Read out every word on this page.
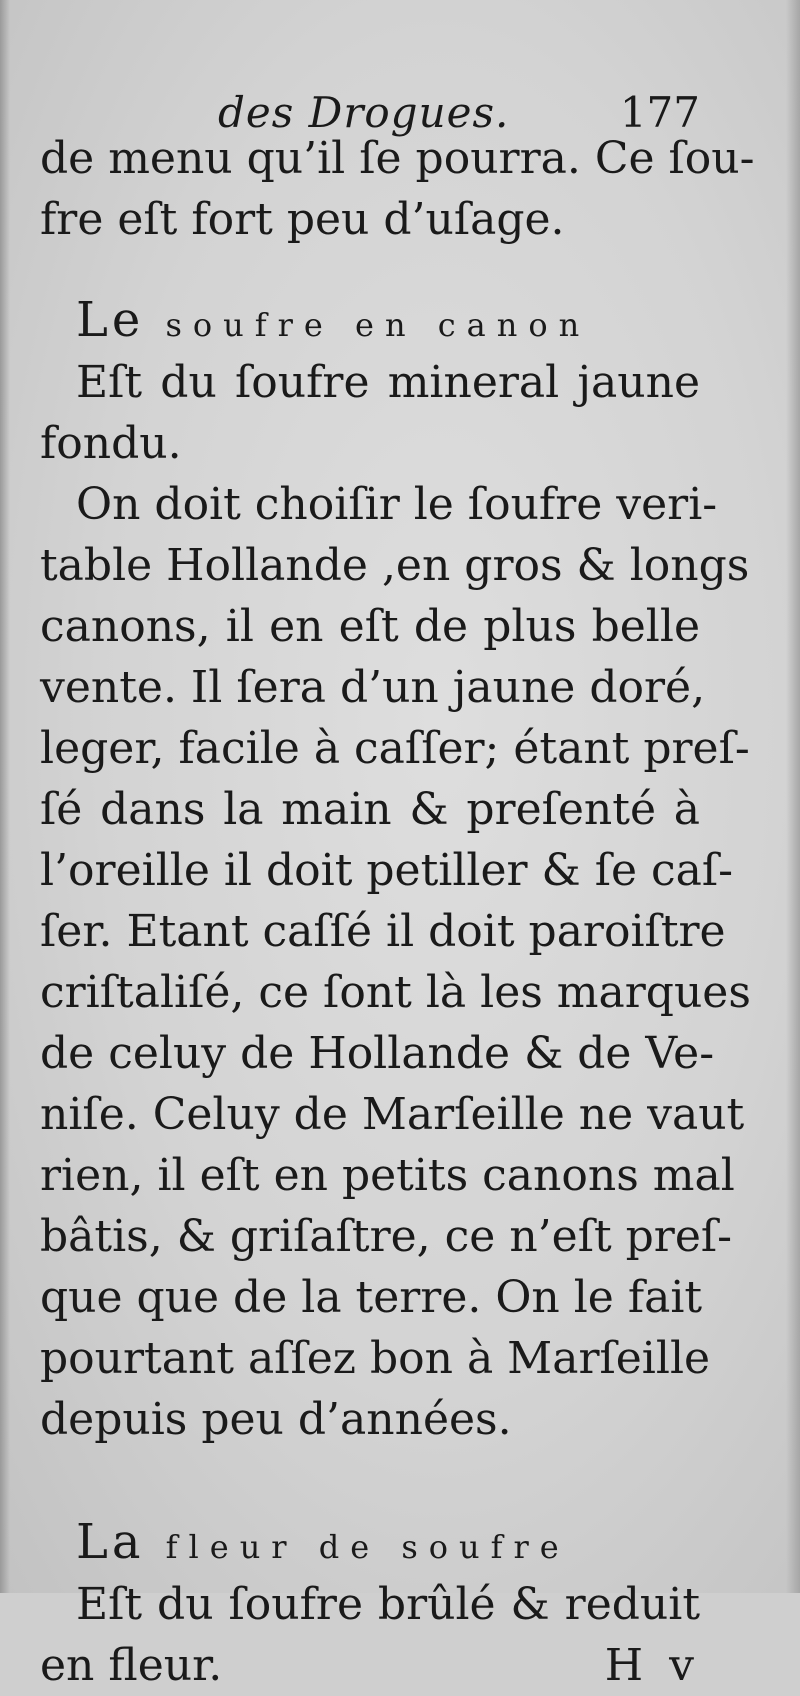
des Drogues.	177
de menu qu’il ſe pourra. Ce ſou-
fre eſt fort peu d’uſage.
Le soufre en canon
Eſt du ſoufre mineral jaune
fondu.
On doit choiſir le ſoufre veri-
table Hollande ,en gros & longs
canons, il en eſt de plus belle
vente. Il ſera d’un jaune doré,
leger, facile à caſſer; étant preſ-
ſé dans la main & preſenté à
l’oreille il doit petiller & ſe caſ-
ſer. Etant caſſé il doit paroiſtre
criſtaliſé, ce ſont là les marques
de celuy de Hollande & de Ve-
niſe. Celuy de Marſeille ne vaut
rien, il eſt en petits canons mal
bâtis, & griſaſtre, ce n’eſt preſ-
que que de la terre. On le fait
pourtant aſſez bon à Marſeille
depuis peu d’années.
La fleur de soufre
Eſt du ſoufre brûlé & reduit
en fleur.	H v
